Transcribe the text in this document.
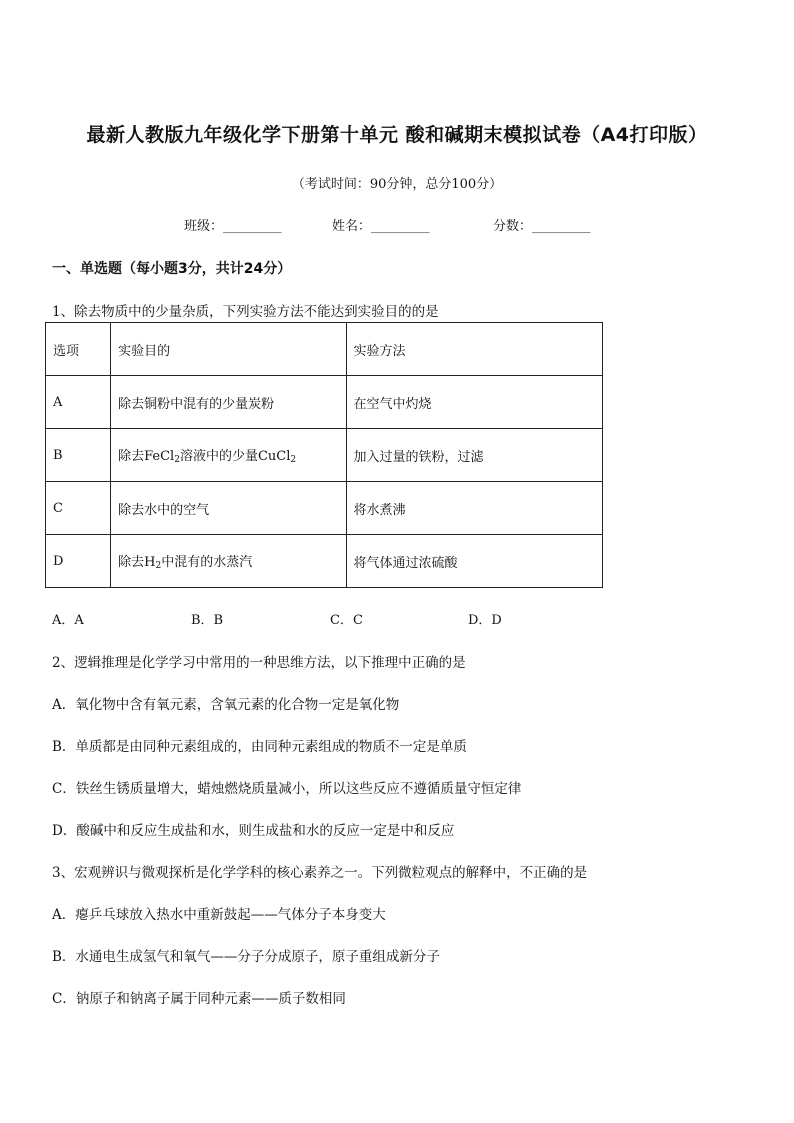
最新人教版九年级化学下册第十单元 酸和碱期末模拟试卷（A4打印版）
（考试时间：90分钟，总分100分）
班级：_________	姓名：_________	分数：_________
一、单选题（每小题3分，共计24分）
1、除去物质中的少量杂质，下列实验方法不能达到实验目的的是
选项	实验目的	实验方法
A	除去铜粉中混有的少量炭粉	在空气中灼烧
B	除去FeCl$_2$溶液中的少量CuCl$_2$	加入过量的铁粉，过滤
C	除去水中的空气	将水煮沸
D	除去$H_2$中混有的水蒸汽	将气体通过浓硫酸
A．A	B．B	C．C	D．D
2、逻辑推理是化学学习中常用的一种思维方法，以下推理中正确的是
A．氧化物中含有氧元素，含氧元素的化合物一定是氧化物
B．单质都是由同种元素组成的，由同种元素组成的物质不一定是单质
C．铁丝生锈质量增大，蜡烛燃烧质量减小，所以这些反应不遵循质量守恒定律
D．酸碱中和反应生成盐和水，则生成盐和水的反应一定是中和反应
3、宏观辨识与微观探析是化学学科的核心素养之一。下列微粒观点的解释中，不正确的是
A．瘪乒乓球放入热水中重新鼓起——气体分子本身变大
B．水通电生成氢气和氧气——分子分成原子，原子重组成新分子
C．钠原子和钠离子属于同种元素——质子数相同
